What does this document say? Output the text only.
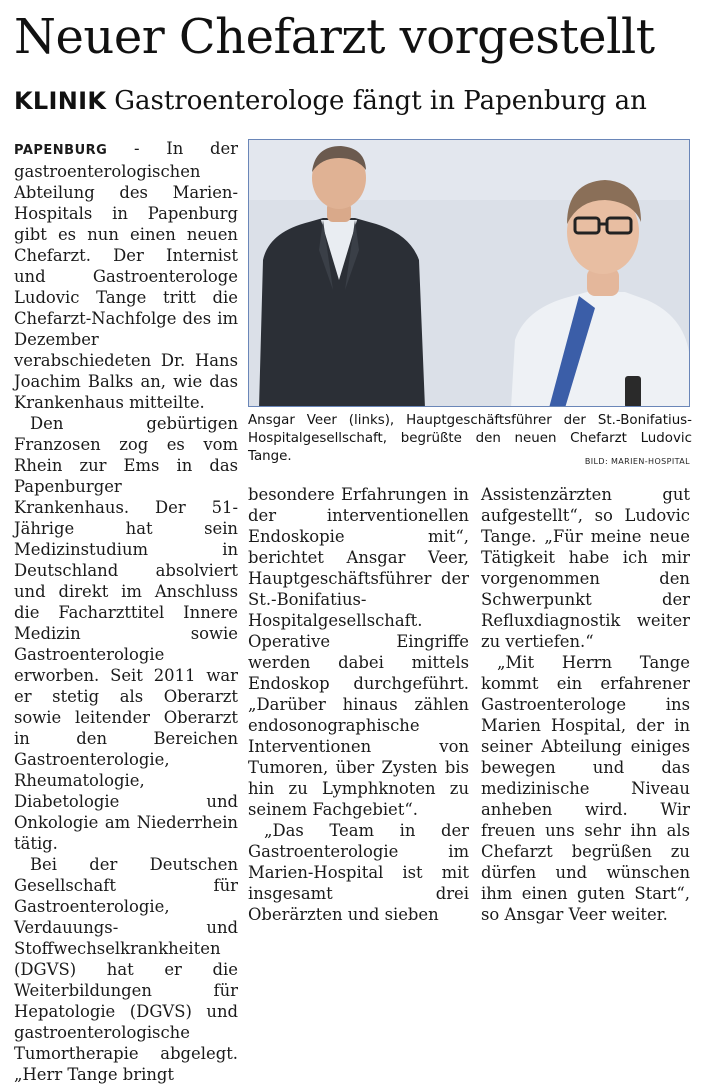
Neuer Chefarzt vorgestellt
KLINIK Gastroenterologe fängt in Papenburg an

PAPENBURG - In der gastroenterologischen Abteilung des Marien-Hospitals in Papenburg gibt es nun einen neuen Chefarzt. Der Internist und Gastroenterologe Ludovic Tange tritt die Chefarzt-Nachfolge des im Dezember verabschiedeten Dr. Hans Joachim Balks an, wie das Krankenhaus mitteilte.

Den gebürtigen Franzosen zog es vom Rhein zur Ems in das Papenburger Krankenhaus. Der 51-Jährige hat sein Medizinstudium in Deutschland absolviert und direkt im Anschluss die Facharzttitel Innere Medizin sowie Gastroenterologie erworben. Seit 2011 war er stetig als Oberarzt sowie leitender Oberarzt in den Bereichen Gastroenterologie, Rheumatologie, Diabetologie und Onkologie am Niederrhein tätig.

Bei der Deutschen Gesellschaft für Gastroenterologie, Verdauungs- und Stoffwechselkrankheiten (DGVS) hat er die Weiterbildungen für Hepatologie (DGVS) und gastroenterologische Tumortherapie abgelegt. „Herr Tange bringt

Ansgar Veer (links), Hauptgeschäftsführer der St.-Bonifatius-Hospitalgesellschaft, begrüßte den neuen Chefarzt Ludovic Tange.	BILD: MARIEN-HOSPITAL

besondere Erfahrungen in der interventionellen Endoskopie mit“, berichtet Ansgar Veer, Hauptgeschäftsführer der St.-Bonifatius-Hospitalgesellschaft. Operative Eingriffe werden dabei mittels Endoskop durchgeführt. „Darüber hinaus zählen endosonographische Interventionen von Tumoren, über Zysten bis hin zu Lymphknoten zu seinem Fachgebiet“.

„Das Team in der Gastroenterologie im Marien-Hospital ist mit insgesamt drei Oberärzten und sieben

Assistenzärzten gut aufgestellt“, so Ludovic Tange. „Für meine neue Tätigkeit habe ich mir vorgenommen den Schwerpunkt der Refluxdiagnostik weiter zu vertiefen.“

„Mit Herrn Tange kommt ein erfahrener Gastroenterologe ins Marien Hospital, der in seiner Abteilung einiges bewegen und das medizinische Niveau anheben wird. Wir freuen uns sehr ihn als Chefarzt begrüßen zu dürfen und wünschen ihm einen guten Start“, so Ansgar Veer weiter.
